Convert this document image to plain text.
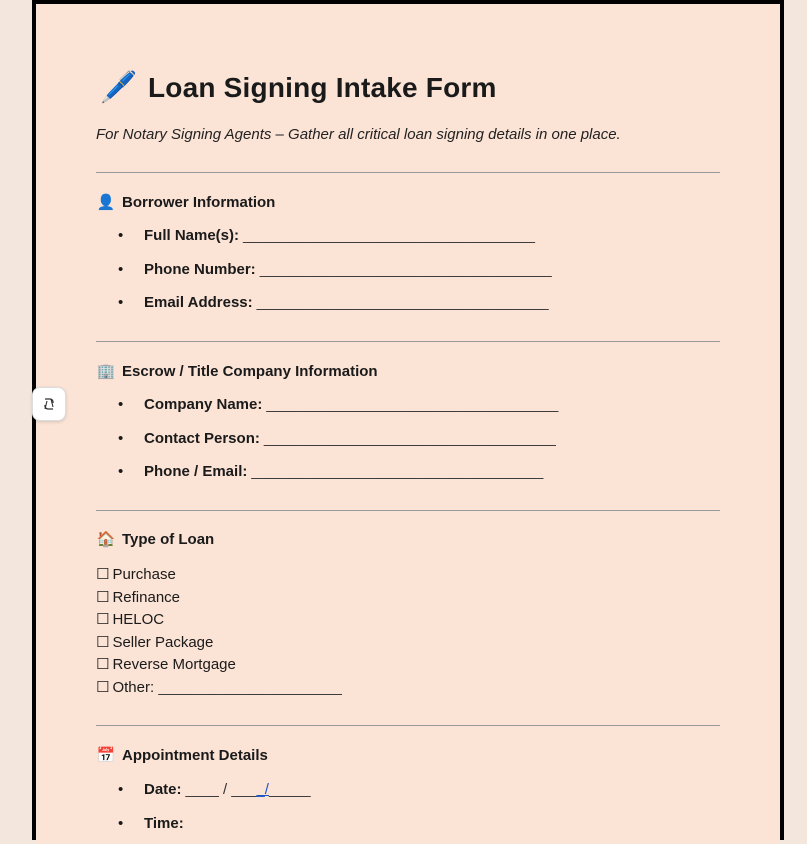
🖊️ Loan Signing Intake Form
For Notary Signing Agents – Gather all critical loan signing details in one place.
👤 Borrower Information
•	Full Name(s): ___________________________________
•	Phone Number: ___________________________________
•	Email Address: ___________________________________
🏢 Escrow / Title Company Information
•	Company Name: ___________________________________
•	Contact Person: ___________________________________
•	Phone / Email: ___________________________________
🏠 Type of Loan
☐ Purchase
☐ Refinance
☐ HELOC
☐ Seller Package
☐ Reverse Mortgage
☐ Other: ______________________
📅 Appointment Details
•	Date: ____ / ___ _/ _____
•	Time:
